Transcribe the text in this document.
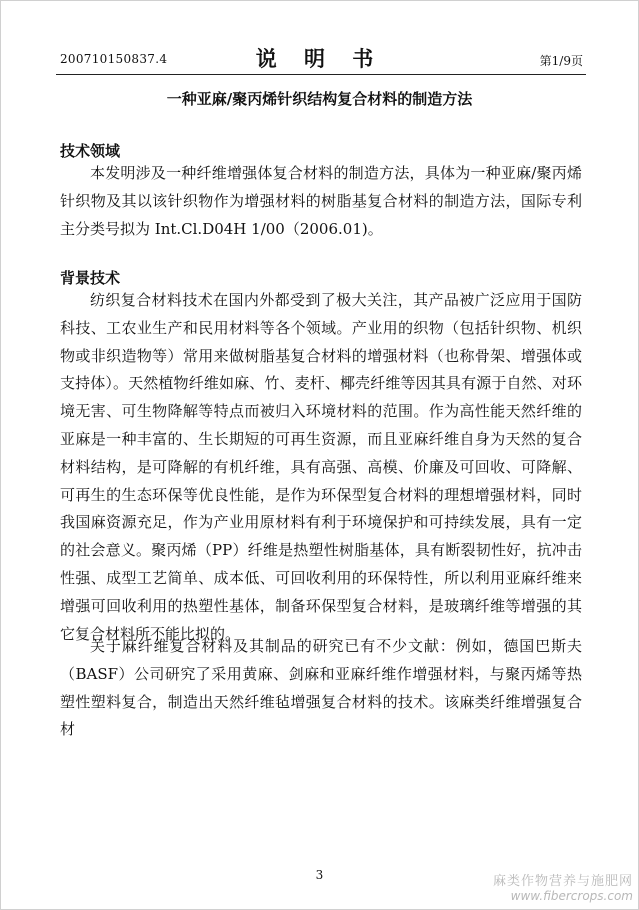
200710150837.4	说 明 书	第1/9页
一种亚麻/聚丙烯针织结构复合材料的制造方法
技术领域
本发明涉及一种纤维增强体复合材料的制造方法，具体为一种亚麻/聚丙烯针织物及其以该针织物作为增强材料的树脂基复合材料的制造方法，国际专利主分类号拟为 Int.Cl.D04H 1/00（2006.01)。
背景技术
纺织复合材料技术在国内外都受到了极大关注，其产品被广泛应用于国防科技、工农业生产和民用材料等各个领域。产业用的织物（包括针织物、机织物或非织造物等）常用来做树脂基复合材料的增强材料（也称骨架、增强体或支持体）。天然植物纤维如麻、竹、麦杆、椰壳纤维等因其具有源于自然、对环境无害、可生物降解等特点而被归入环境材料的范围。作为高性能天然纤维的亚麻是一种丰富的、生长期短的可再生资源，而且亚麻纤维自身为天然的复合材料结构，是可降解的有机纤维，具有高强、高模、价廉及可回收、可降解、可再生的生态环保等优良性能，是作为环保型复合材料的理想增强材料，同时我国麻资源充足，作为产业用原材料有利于环境保护和可持续发展，具有一定的社会意义。聚丙烯（PP）纤维是热塑性树脂基体，具有断裂韧性好，抗冲击性强、成型工艺简单、成本低、可回收利用的环保特性，所以利用亚麻纤维来增强可回收利用的热塑性基体，制备环保型复合材料，是玻璃纤维等增强的其它复合材料所不能比拟的。
关于麻纤维复合材料及其制品的研究已有不少文献：例如，德国巴斯夫（BASF）公司研究了采用黄麻、剑麻和亚麻纤维作增强材料，与聚丙烯等热塑性塑料复合，制造出天然纤维毡增强复合材料的技术。该麻类纤维增强复合材
3	麻类作物营养与施肥网
www.fibercrops.com
